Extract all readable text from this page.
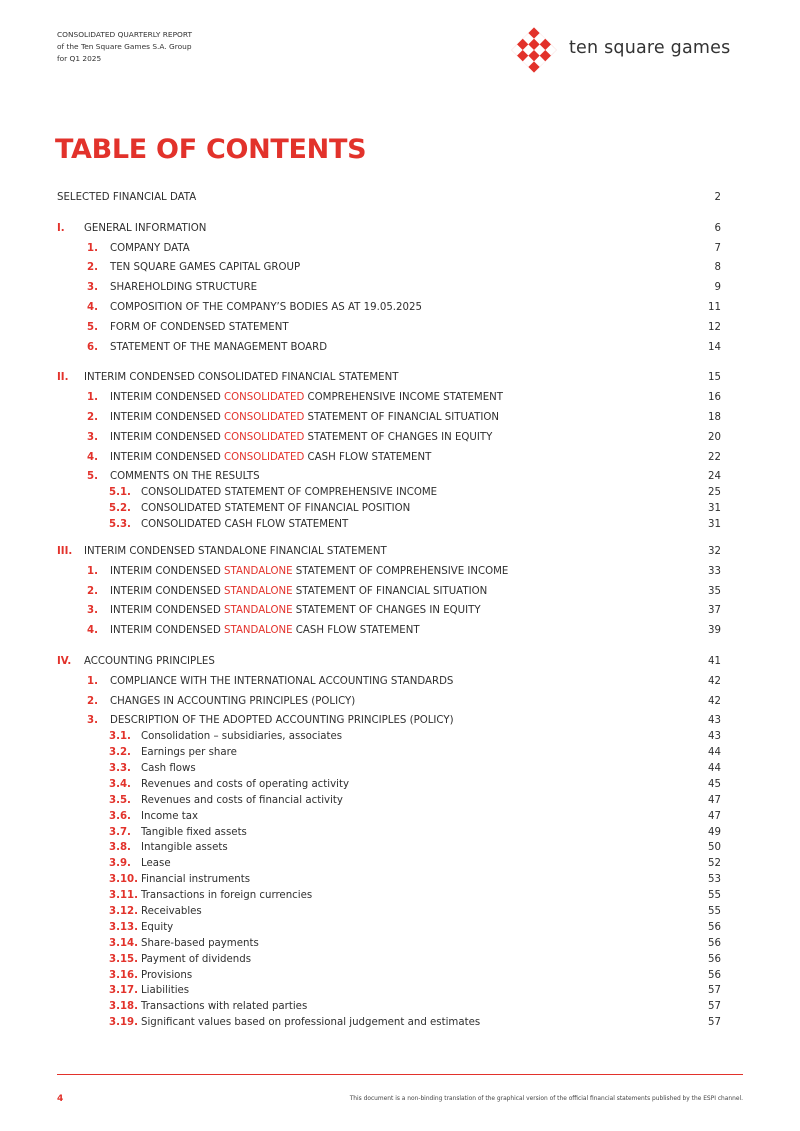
CONSOLIDATED QUARTERLY REPORT
of the Ten Square Games S.A. Group
for Q1 2025
ten square games
TABLE OF CONTENTS
SELECTED FINANCIAL DATA	2
I. GENERAL INFORMATION	6
1. COMPANY DATA	7
2. TEN SQUARE GAMES CAPITAL GROUP	8
3. SHAREHOLDING STRUCTURE	9
4. COMPOSITION OF THE COMPANY’S BODIES AS AT 19.05.2025	11
5. FORM OF CONDENSED STATEMENT	12
6. STATEMENT OF THE MANAGEMENT BOARD	14
II. INTERIM CONDENSED CONSOLIDATED FINANCIAL STATEMENT	15
1. INTERIM CONDENSED CONSOLIDATED COMPREHENSIVE INCOME STATEMENT	16
2. INTERIM CONDENSED CONSOLIDATED STATEMENT OF FINANCIAL SITUATION	18
3. INTERIM CONDENSED CONSOLIDATED STATEMENT OF CHANGES IN EQUITY	20
4. INTERIM CONDENSED CONSOLIDATED CASH FLOW STATEMENT	22
5. COMMENTS ON THE RESULTS	24
5.1. CONSOLIDATED STATEMENT OF COMPREHENSIVE INCOME	25
5.2. CONSOLIDATED STATEMENT OF FINANCIAL POSITION	31
5.3. CONSOLIDATED CASH FLOW STATEMENT	31
III. INTERIM CONDENSED STANDALONE FINANCIAL STATEMENT	32
1. INTERIM CONDENSED STANDALONE STATEMENT OF COMPREHENSIVE INCOME	33
2. INTERIM CONDENSED STANDALONE STATEMENT OF FINANCIAL SITUATION	35
3. INTERIM CONDENSED STANDALONE STATEMENT OF CHANGES IN EQUITY	37
4. INTERIM CONDENSED STANDALONE CASH FLOW STATEMENT	39
IV. ACCOUNTING PRINCIPLES	41
1. COMPLIANCE WITH THE INTERNATIONAL ACCOUNTING STANDARDS	42
2. CHANGES IN ACCOUNTING PRINCIPLES (POLICY)	42
3. DESCRIPTION OF THE ADOPTED ACCOUNTING PRINCIPLES (POLICY)	43
3.1. Consolidation – subsidiaries, associates	43
3.2. Earnings per share	44
3.3. Cash flows	44
3.4. Revenues and costs of operating activity	45
3.5. Revenues and costs of financial activity	47
3.6. Income tax	47
3.7. Tangible fixed assets	49
3.8. Intangible assets	50
3.9. Lease	52
3.10. Financial instruments	53
3.11. Transactions in foreign currencies	55
3.12. Receivables	55
3.13. Equity	56
3.14. Share-based payments	56
3.15. Payment of dividends	56
3.16. Provisions	56
3.17. Liabilities	57
3.18. Transactions with related parties	57
3.19. Significant values based on professional judgement and estimates	57
4	This document is a non-binding translation of the graphical version of the official financial statements published by the ESPI channel.
